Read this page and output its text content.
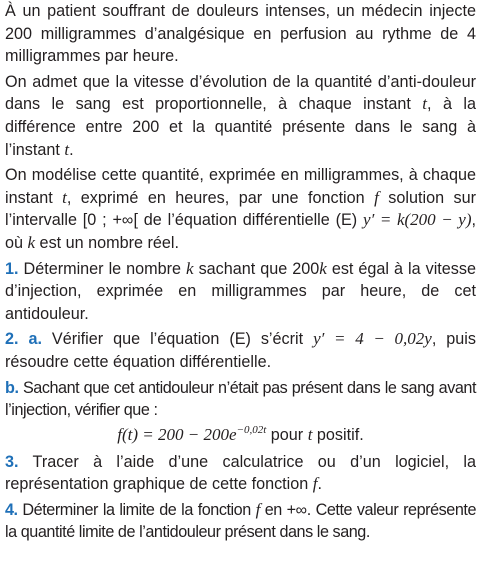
À un patient souffrant de douleurs intenses, un médecin injecte 200 milligrammes d’analgésique en perfusion au rythme de 4 milligrammes par heure.

On admet que la vitesse d’évolution de la quantité d’anti-douleur dans le sang est proportionnelle, à chaque instant t, à la différence entre 200 et la quantité présente dans le sang à l’instant t.

On modélise cette quantité, exprimée en milligrammes, à chaque instant t, exprimé en heures, par une fonction f solution sur l’intervalle [0 ; +∞[ de l’équation différentielle (E) y′ = k(200 − y), où k est un nombre réel.

1. Déterminer le nombre k sachant que 200k est égal à la vitesse d’injection, exprimée en milligrammes par heure, de cet antidouleur.

2. a. Vérifier que l’équation (E) s’écrit y′ = 4 − 0,02y, puis résoudre cette équation différentielle.

b. Sachant que cet antidouleur n’était pas présent dans le sang avant l’injection, vérifier que :

$f(t) = 200 - 200e^{-0,02t}$ pour t positif.

3. Tracer à l’aide d’une calculatrice ou d’un logiciel, la représentation graphique de cette fonction f.

4. Déterminer la limite de la fonction f en +∞. Cette valeur représente la quantité limite de l’antidouleur présent dans le sang.
